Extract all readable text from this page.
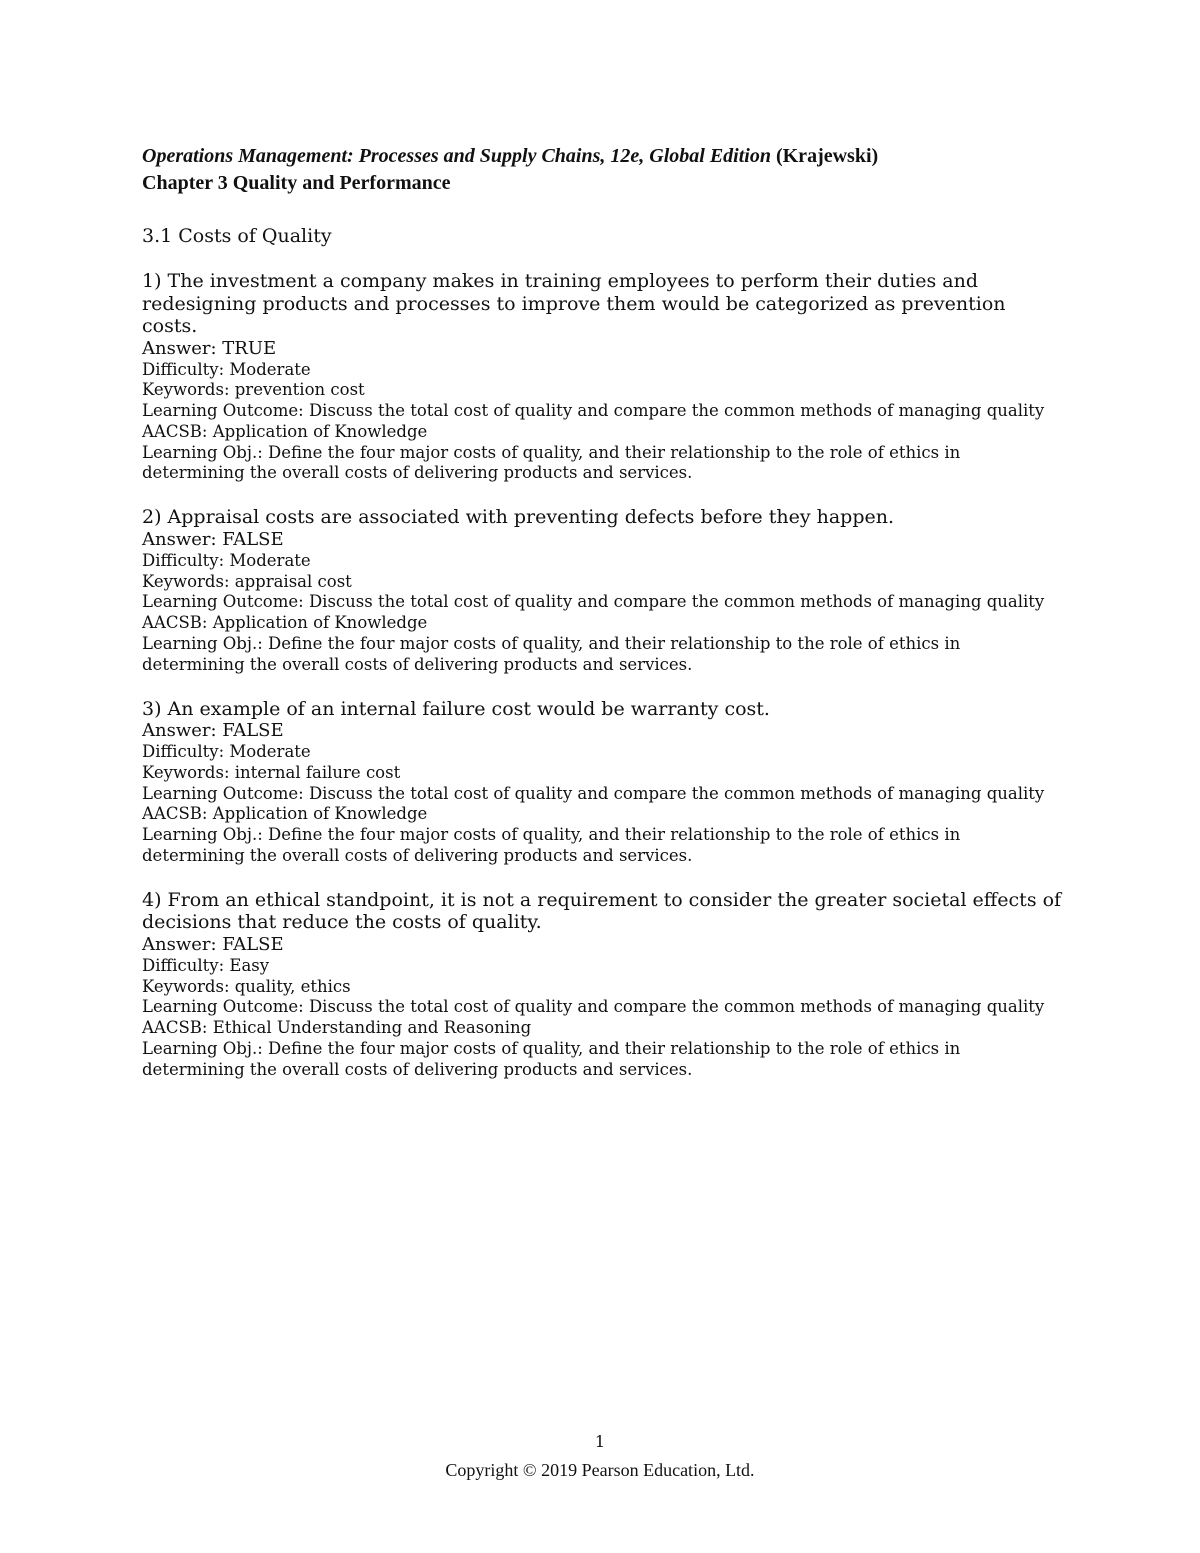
Operations Management: Processes and Supply Chains, 12e, Global Edition (Krajewski)

Chapter 3 Quality and Performance

3.1 Costs of Quality

1) The investment a company makes in training employees to perform their duties and redesigning products and processes to improve them would be categorized as prevention costs.

Answer: TRUE

Difficulty: Moderate

Keywords: prevention cost

Learning Outcome: Discuss the total cost of quality and compare the common methods of managing quality

AACSB: Application of Knowledge

Learning Obj.: Define the four major costs of quality, and their relationship to the role of ethics in determining the overall costs of delivering products and services.

2) Appraisal costs are associated with preventing defects before they happen.

Answer: FALSE

Difficulty: Moderate

Keywords: appraisal cost

Learning Outcome: Discuss the total cost of quality and compare the common methods of managing quality

AACSB: Application of Knowledge

Learning Obj.: Define the four major costs of quality, and their relationship to the role of ethics in determining the overall costs of delivering products and services.

3) An example of an internal failure cost would be warranty cost.

Answer: FALSE

Difficulty: Moderate

Keywords: internal failure cost

Learning Outcome: Discuss the total cost of quality and compare the common methods of managing quality

AACSB: Application of Knowledge

Learning Obj.: Define the four major costs of quality, and their relationship to the role of ethics in determining the overall costs of delivering products and services.

4) From an ethical standpoint, it is not a requirement to consider the greater societal effects of decisions that reduce the costs of quality.

Answer: FALSE

Difficulty: Easy

Keywords: quality, ethics

Learning Outcome: Discuss the total cost of quality and compare the common methods of managing quality

AACSB: Ethical Understanding and Reasoning

Learning Obj.: Define the four major costs of quality, and their relationship to the role of ethics in determining the overall costs of delivering products and services.

1
Copyright © 2019 Pearson Education, Ltd.
